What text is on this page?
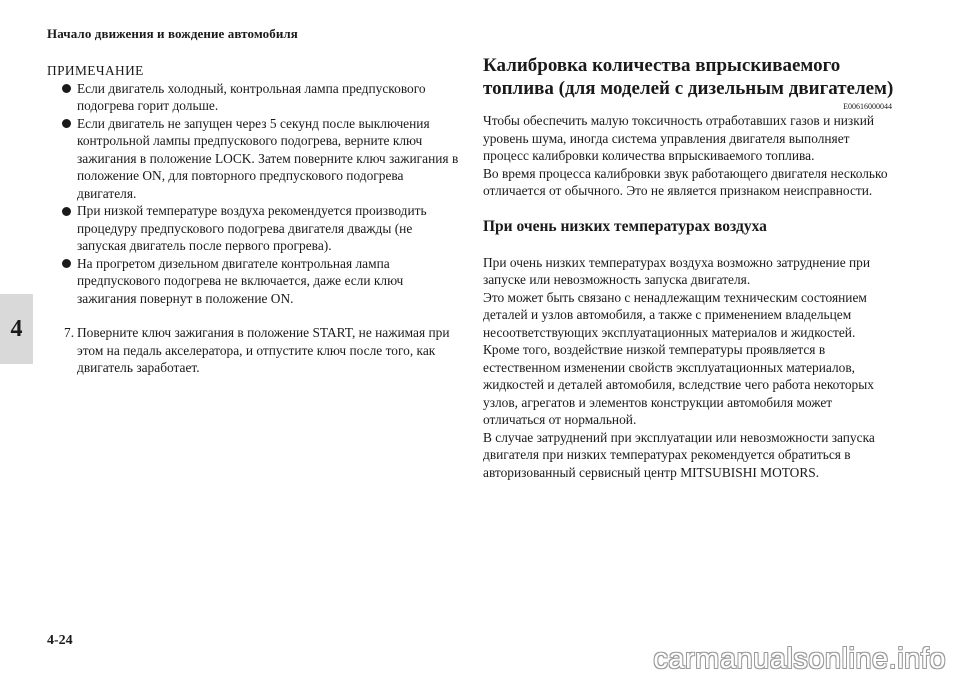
Начало движения и вождение автомобиля
4
ПРИМЕЧАНИЕ
Если двигатель холодный, контрольная лампа предпускового подогрева горит дольше.
Если двигатель не запущен через 5 секунд после выключения контрольной лампы предпускового подогрева, верните ключ зажигания в положение LOCK. Затем поверните ключ зажигания в положение ON, для повторного предпускового подогрева двигателя.
При низкой температуре воздуха рекомендуется производить процедуру предпускового подогрева двигателя дважды (не запуская двигатель после первого прогрева).
На прогретом дизельном двигателе контрольная лампа предпускового подогрева не включается, даже если ключ зажигания повернут в положение ON.
7. Поверните ключ зажигания в положение START, не нажимая при этом на педаль акселератора, и отпустите ключ после того, как двигатель заработает.
Калибровка количества впрыскиваемого
топлива (для моделей с дизельным двигателем)
E00616000044
Чтобы обеспечить малую токсичность отработавших газов и низкий уровень шума, иногда система управления двигателя выполняет процесс калибровки количества впрыскиваемого топлива.
Во время процесса калибровки звук работающего двигателя несколько отличается от обычного. Это не является признаком неисправности.
При очень низких температурах воздуха
При очень низких температурах воздуха возможно затруднение при запуске или невозможность запуска двигателя.
Это может быть связано с ненадлежащим техническим состоянием деталей и узлов автомобиля, а также с применением владельцем несоответствующих эксплуатационных материалов и жидкостей.
Кроме того, воздействие низкой температуры проявляется в естественном изменении свойств эксплуатационных материалов, жидкостей и деталей автомобиля, вследствие чего работа некоторых узлов, агрегатов и элементов конструкции автомобиля может отличаться от нормальной.
В случае затруднений при эксплуатации или невозможности запуска двигателя при низких температурах рекомендуется обратиться в авторизованный сервисный центр MITSUBISHI MOTORS.
4-24
carmanualsonline.info
